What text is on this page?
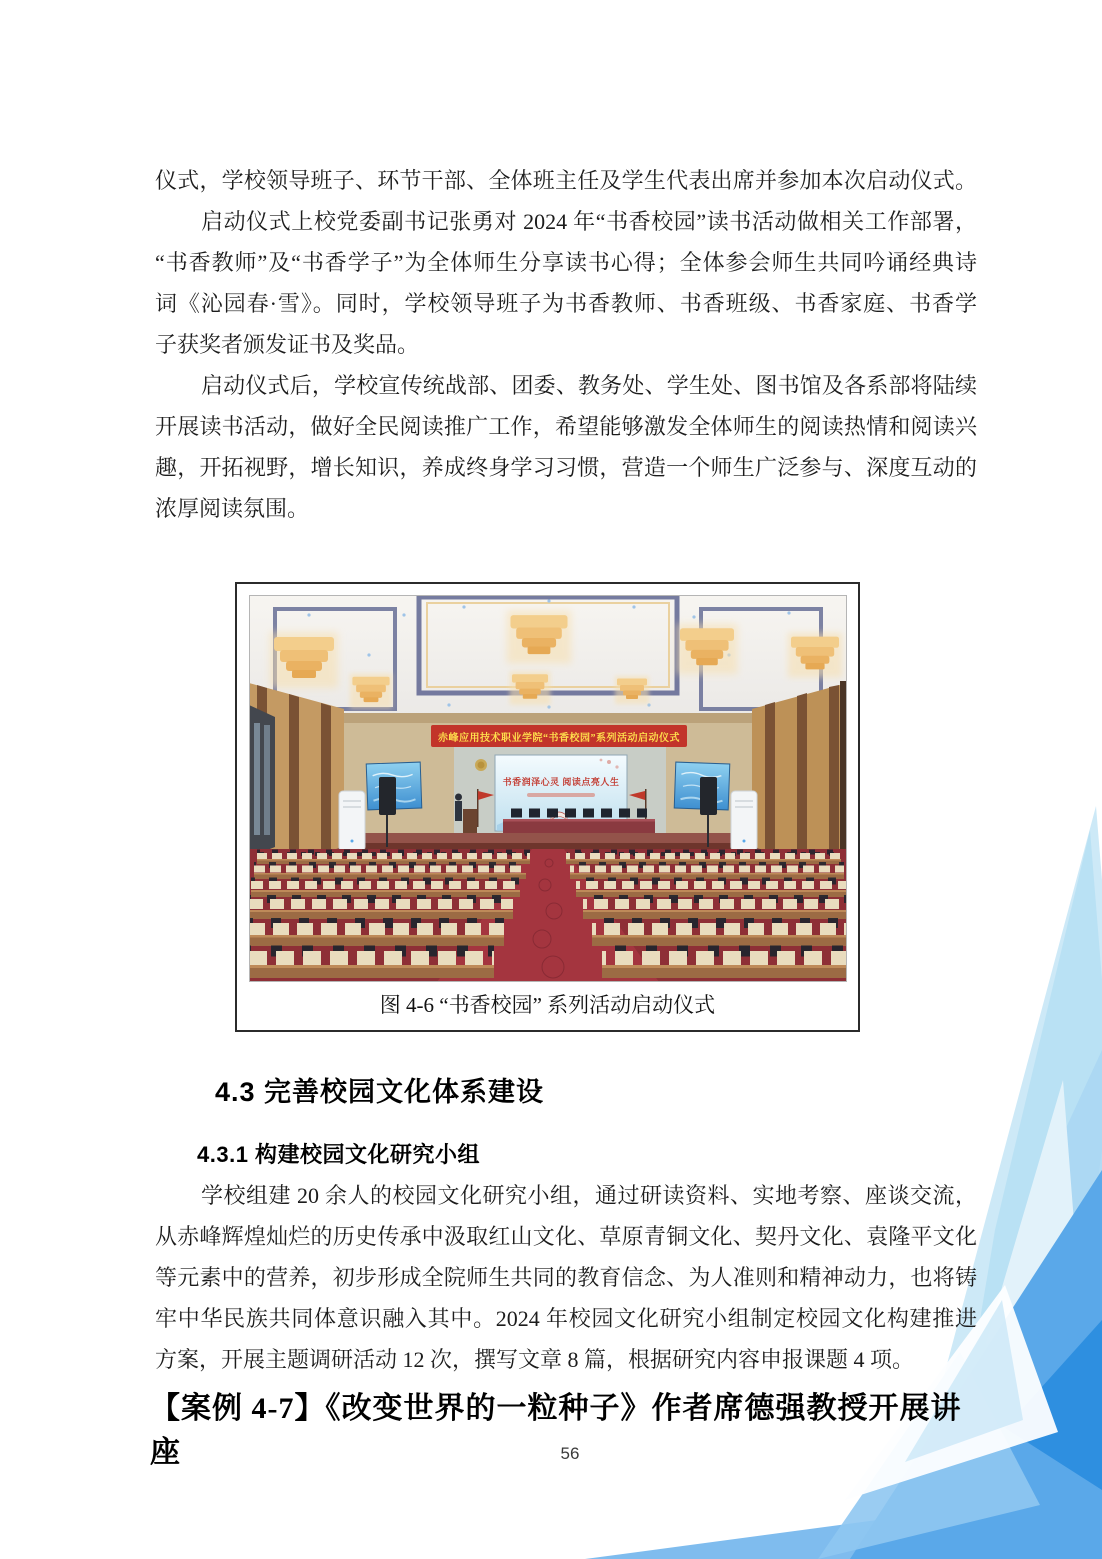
仪式，学校领导班子、环节干部、全体班主任及学生代表出席并参加本次启动仪式。
启动仪式上校党委副书记张勇对 2024 年“书香校园”读书活动做相关工作部署，
“书香教师”及“书香学子”为全体师生分享读书心得；全体参会师生共同吟诵经典诗
词《沁园春·雪》。同时，学校领导班子为书香教师、书香班级、书香家庭、书香学
子获奖者颁发证书及奖品。
启动仪式后，学校宣传统战部、团委、教务处、学生处、图书馆及各系部将陆续
开展读书活动，做好全民阅读推广工作，希望能够激发全体师生的阅读热情和阅读兴
趣，开拓视野，增长知识，养成终身学习习惯，营造一个师生广泛参与、深度互动的
浓厚阅读氛围。
赤峰应用技术职业学院“书香校园”系列活动启动仪式
书香润泽心灵 阅读点亮人生
图 4-6 “书香校园” 系列活动启动仪式
4.3 完善校园文化体系建设
4.3.1 构建校园文化研究小组
学校组建 20 余人的校园文化研究小组，通过研读资料、实地考察、座谈交流，
从赤峰辉煌灿烂的历史传承中汲取红山文化、草原青铜文化、契丹文化、袁隆平文化
等元素中的营养，初步形成全院师生共同的教育信念、为人准则和精神动力，也将铸
牢中华民族共同体意识融入其中。2024 年校园文化研究小组制定校园文化构建推进
方案，开展主题调研活动 12 次，撰写文章 8 篇，根据研究内容申报课题 4 项。
【案例 4-7】《改变世界的一粒种子》作者席德强教授开展讲座	56
